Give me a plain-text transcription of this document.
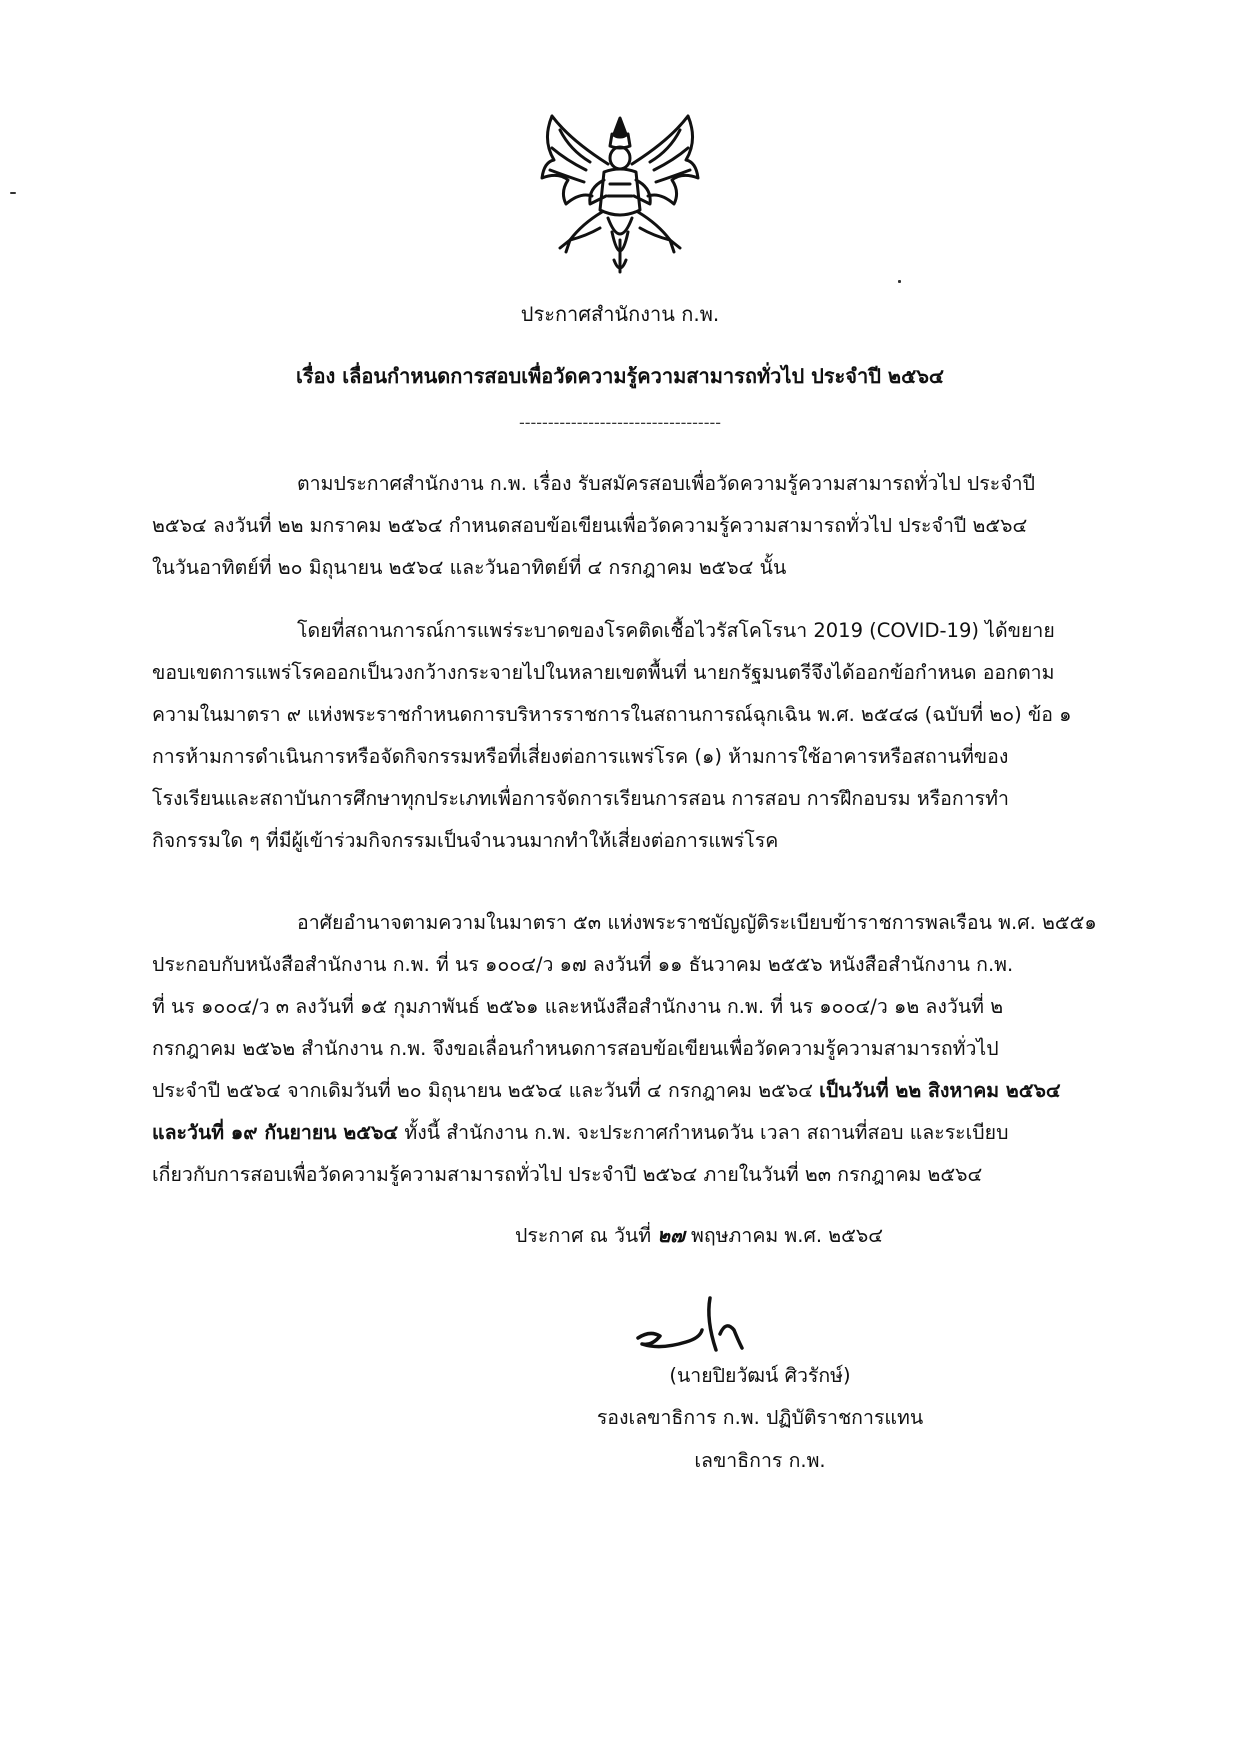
ประกาศสำนักงาน ก.พ.
เรื่อง เลื่อนกำหนดการสอบเพื่อวัดความรู้ความสามารถทั่วไป ประจำปี ๒๕๖๔
-----------------------------------
ตามประกาศสำนักงาน ก.พ. เรื่อง รับสมัครสอบเพื่อวัดความรู้ความสามารถทั่วไป ประจำปี
๒๕๖๔ ลงวันที่ ๒๒ มกราคม ๒๕๖๔ กำหนดสอบข้อเขียนเพื่อวัดความรู้ความสามารถทั่วไป ประจำปี ๒๕๖๔
ในวันอาทิตย์ที่ ๒๐ มิถุนายน ๒๕๖๔ และวันอาทิตย์ที่ ๔ กรกฎาคม ๒๕๖๔ นั้น
โดยที่สถานการณ์การแพร่ระบาดของโรคติดเชื้อไวรัสโคโรนา 2019 (COVID-19) ได้ขยาย
ขอบเขตการแพร่โรคออกเป็นวงกว้างกระจายไปในหลายเขตพื้นที่ นายกรัฐมนตรีจึงได้ออกข้อกำหนด ออกตาม
ความในมาตรา ๙ แห่งพระราชกำหนดการบริหารราชการในสถานการณ์ฉุกเฉิน พ.ศ. ๒๕๔๘ (ฉบับที่ ๒๐) ข้อ ๑
การห้ามการดำเนินการหรือจัดกิจกรรมหรือที่เสี่ยงต่อการแพร่โรค (๑) ห้ามการใช้อาคารหรือสถานที่ของ
โรงเรียนและสถาบันการศึกษาทุกประเภทเพื่อการจัดการเรียนการสอน การสอบ การฝึกอบรม หรือการทำ
กิจกรรมใด ๆ ที่มีผู้เข้าร่วมกิจกรรมเป็นจำนวนมากทำให้เสี่ยงต่อการแพร่โรค
อาศัยอำนาจตามความในมาตรา ๕๓ แห่งพระราชบัญญัติระเบียบข้าราชการพลเรือน พ.ศ. ๒๕๕๑
ประกอบกับหนังสือสำนักงาน ก.พ. ที่ นร ๑๐๐๔/ว ๑๗ ลงวันที่ ๑๑ ธันวาคม ๒๕๕๖ หนังสือสำนักงาน ก.พ.
ที่ นร ๑๐๐๔/ว ๓ ลงวันที่ ๑๕ กุมภาพันธ์ ๒๕๖๑ และหนังสือสำนักงาน ก.พ. ที่ นร ๑๐๐๔/ว ๑๒ ลงวันที่ ๒
กรกฎาคม ๒๕๖๒ สำนักงาน ก.พ. จึงขอเลื่อนกำหนดการสอบข้อเขียนเพื่อวัดความรู้ความสามารถทั่วไป
ประจำปี ๒๕๖๔ จากเดิมวันที่ ๒๐ มิถุนายน ๒๕๖๔ และวันที่ ๔ กรกฎาคม ๒๕๖๔ เป็นวันที่ ๒๒ สิงหาคม ๒๕๖๔
และวันที่ ๑๙ กันยายน ๒๕๖๔ ทั้งนี้ สำนักงาน ก.พ. จะประกาศกำหนดวัน เวลา สถานที่สอบ และระเบียบ
เกี่ยวกับการสอบเพื่อวัดความรู้ความสามารถทั่วไป ประจำปี ๒๕๖๔ ภายในวันที่ ๒๓ กรกฎาคม ๒๕๖๔
ประกาศ ณ วันที่ ๒๗ พฤษภาคม พ.ศ. ๒๕๖๔
(นายปิยวัฒน์ ศิวรักษ์)
รองเลขาธิการ ก.พ. ปฏิบัติราชการแทน
เลขาธิการ ก.พ.
